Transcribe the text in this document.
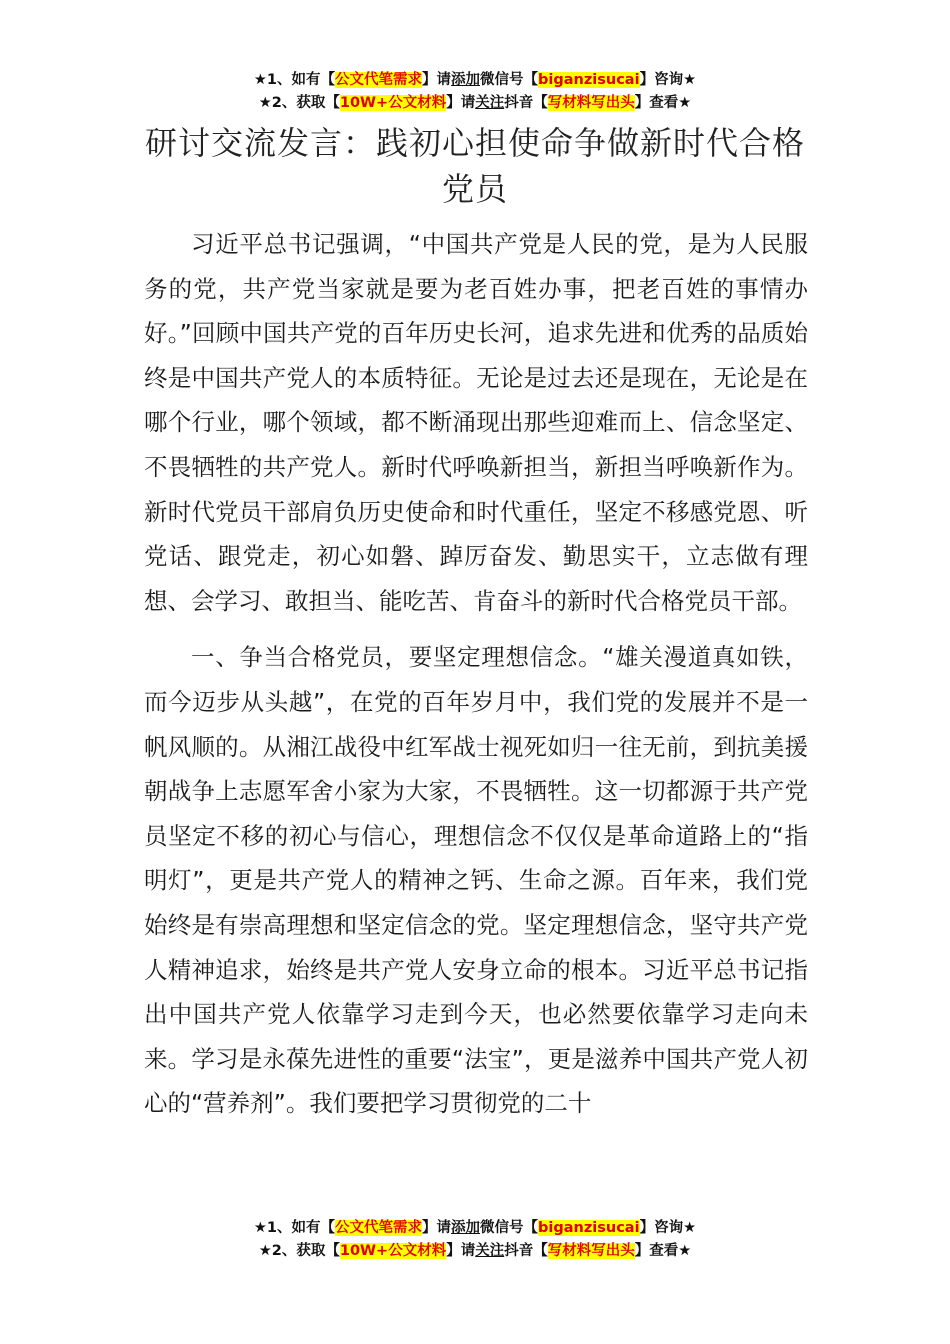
★1、如有【公文代笔需求】请添加微信号【biganzisucai】咨询★
★2、获取【10W+公文材料】请关注抖音【写材料写出头】查看★
研讨交流发言：践初心担使命争做新时代合格党员

习近平总书记强调，“中国共产党是人民的党，是为人民服务的党，共产党当家就是要为老百姓办事，把老百姓的事情办好。”回顾中国共产党的百年历史长河，追求先进和优秀的品质始终是中国共产党人的本质特征。无论是过去还是现在，无论是在哪个行业，哪个领域，都不断涌现出那些迎难而上、信念坚定、不畏牺牲的共产党人。新时代呼唤新担当，新担当呼唤新作为。新时代党员干部肩负历史使命和时代重任，坚定不移感党恩、听党话、跟党走，初心如磐、踔厉奋发、勤思实干，立志做有理想、会学习、敢担当、能吃苦、肯奋斗的新时代合格党员干部。

一、争当合格党员，要坚定理想信念。“雄关漫道真如铁，而今迈步从头越”，在党的百年岁月中，我们党的发展并不是一帆风顺的。从湘江战役中红军战士视死如归一往无前，到抗美援朝战争上志愿军舍小家为大家，不畏牺牲。这一切都源于共产党员坚定不移的初心与信心，理想信念不仅仅是革命道路上的“指明灯”，更是共产党人的精神之钙、生命之源。百年来，我们党始终是有崇高理想和坚定信念的党。坚定理想信念，坚守共产党人精神追求，始终是共产党人安身立命的根本。习近平总书记指出中国共产党人依靠学习走到今天，也必然要依靠学习走向未来。学习是永葆先进性的重要“法宝”，更是滋养中国共产党人初心的“营养剂”。我们要把学习贯彻党的二十

★1、如有【公文代笔需求】请添加微信号【biganzisucai】咨询★
★2、获取【10W+公文材料】请关注抖音【写材料写出头】查看★
